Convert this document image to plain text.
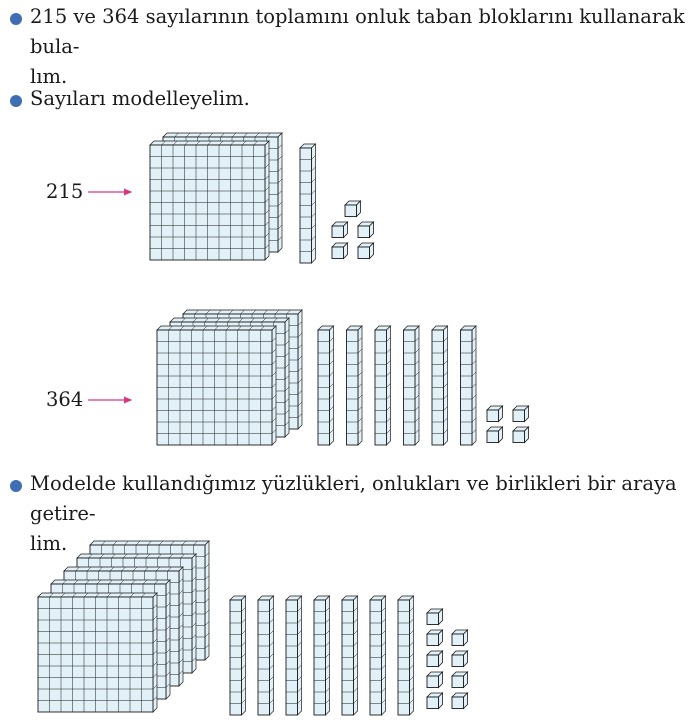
215 ve 364 sayılarının toplamını onluk taban bloklarını kullanarak bula-
lım.
Sayıları modelleyelim.
Modelde kullandığımız yüzlükleri, onlukları ve birlikleri bir araya getire-
lim.
215
364
